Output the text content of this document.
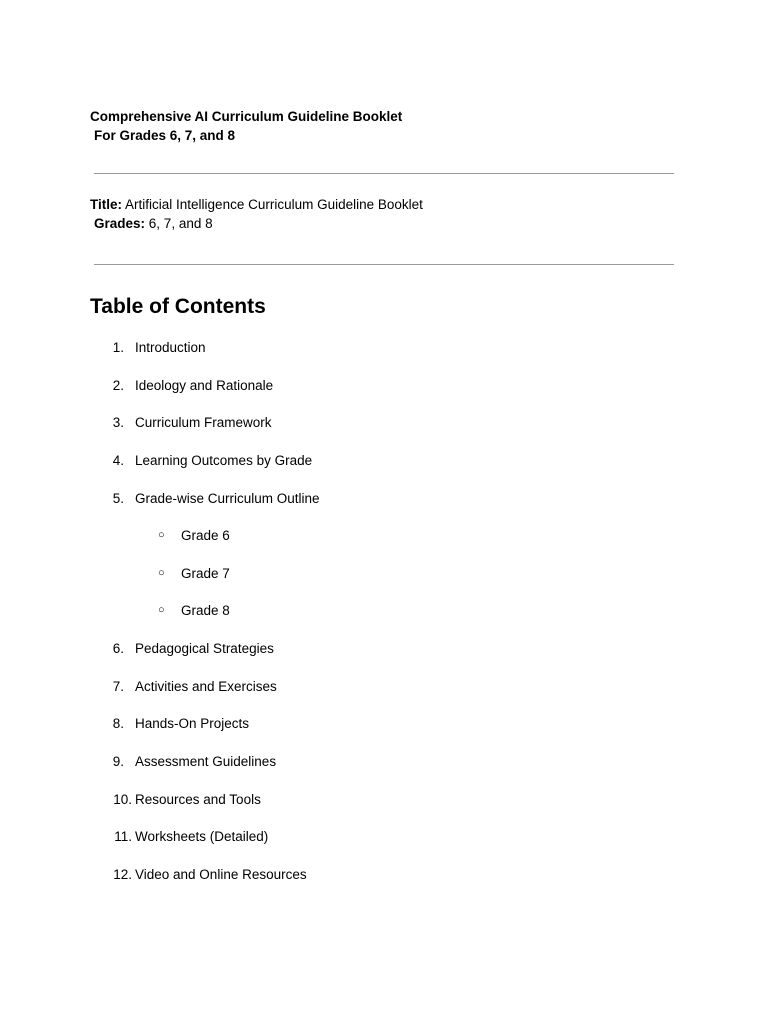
Comprehensive AI Curriculum Guideline Booklet
For Grades 6, 7, and 8
Title: Artificial Intelligence Curriculum Guideline Booklet
Grades: 6, 7, and 8
Table of Contents
1. Introduction
2. Ideology and Rationale
3. Curriculum Framework
4. Learning Outcomes by Grade
5. Grade-wise Curriculum Outline
○ Grade 6
○ Grade 7
○ Grade 8
6. Pedagogical Strategies
7. Activities and Exercises
8. Hands-On Projects
9. Assessment Guidelines
10. Resources and Tools
11. Worksheets (Detailed)
12. Video and Online Resources
